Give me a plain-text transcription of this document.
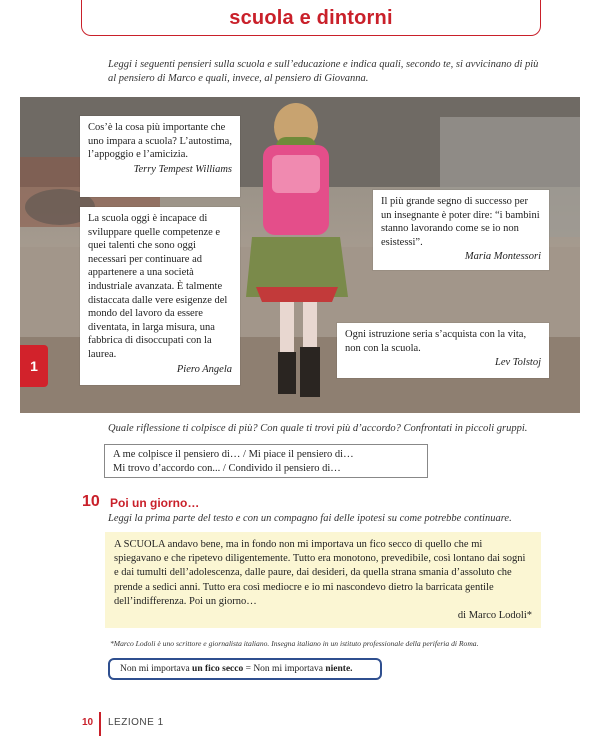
scuola e dintorni
Leggi i seguenti pensieri sulla scuola e sull’educazione e indica quali, secondo te, si avvicinano di più al pensiero di Marco e quali, invece, al pensiero di Giovanna.
1
Cos’è la cosa più importante che uno impara a scuola? L’autostima, l’appoggio e l’amicizia.
Terry Tempest Williams
La scuola oggi è incapace di sviluppare quelle competenze e quei talenti che sono oggi necessari per continuare ad appartenere a una società industriale avanzata. È talmente distaccata dalle vere esigenze del mondo del lavoro da essere diventata, in larga misura, una fabbrica di disoccupati con la laurea.
Piero Angela
Il più grande segno di successo per un insegnante è poter dire: “i bambini stanno lavorando come se io non esistessi”.
Maria Montessori
Ogni istruzione seria s’acquista con la vita, non con la scuola.
Lev Tolstoj
Quale riflessione ti colpisce di più? Con quale ti trovi più d’accordo? Confrontati in piccoli gruppi.
A me colpisce il pensiero di… / Mi piace il pensiero di…
Mi trovo d’accordo con... / Condivido il pensiero di…
10 Poi un giorno…
Leggi la prima parte del testo e con un compagno fai delle ipotesi su come potrebbe continuare.
A SCUOLA andavo bene, ma in fondo non mi importava un fico secco di quello che mi spiegavano e che ripetevo diligentemente. Tutto era monotono, prevedibile, così lontano dai sogni e dai tumulti dell’adolescenza, dalle paure, dai desideri, da quella strana smania d’assoluto che prende a sedici anni. Tutto era così mediocre e io mi nascondevo dietro la barricata gentile dell’indifferenza. Poi un giorno…
di Marco Lodoli*
*Marco Lodoli è uno scrittore e giornalista italiano. Insegna italiano in un istituto professionale della periferia di Roma.
Non mi importava un fico secco = Non mi importava niente.
10 LEZIONE 1
